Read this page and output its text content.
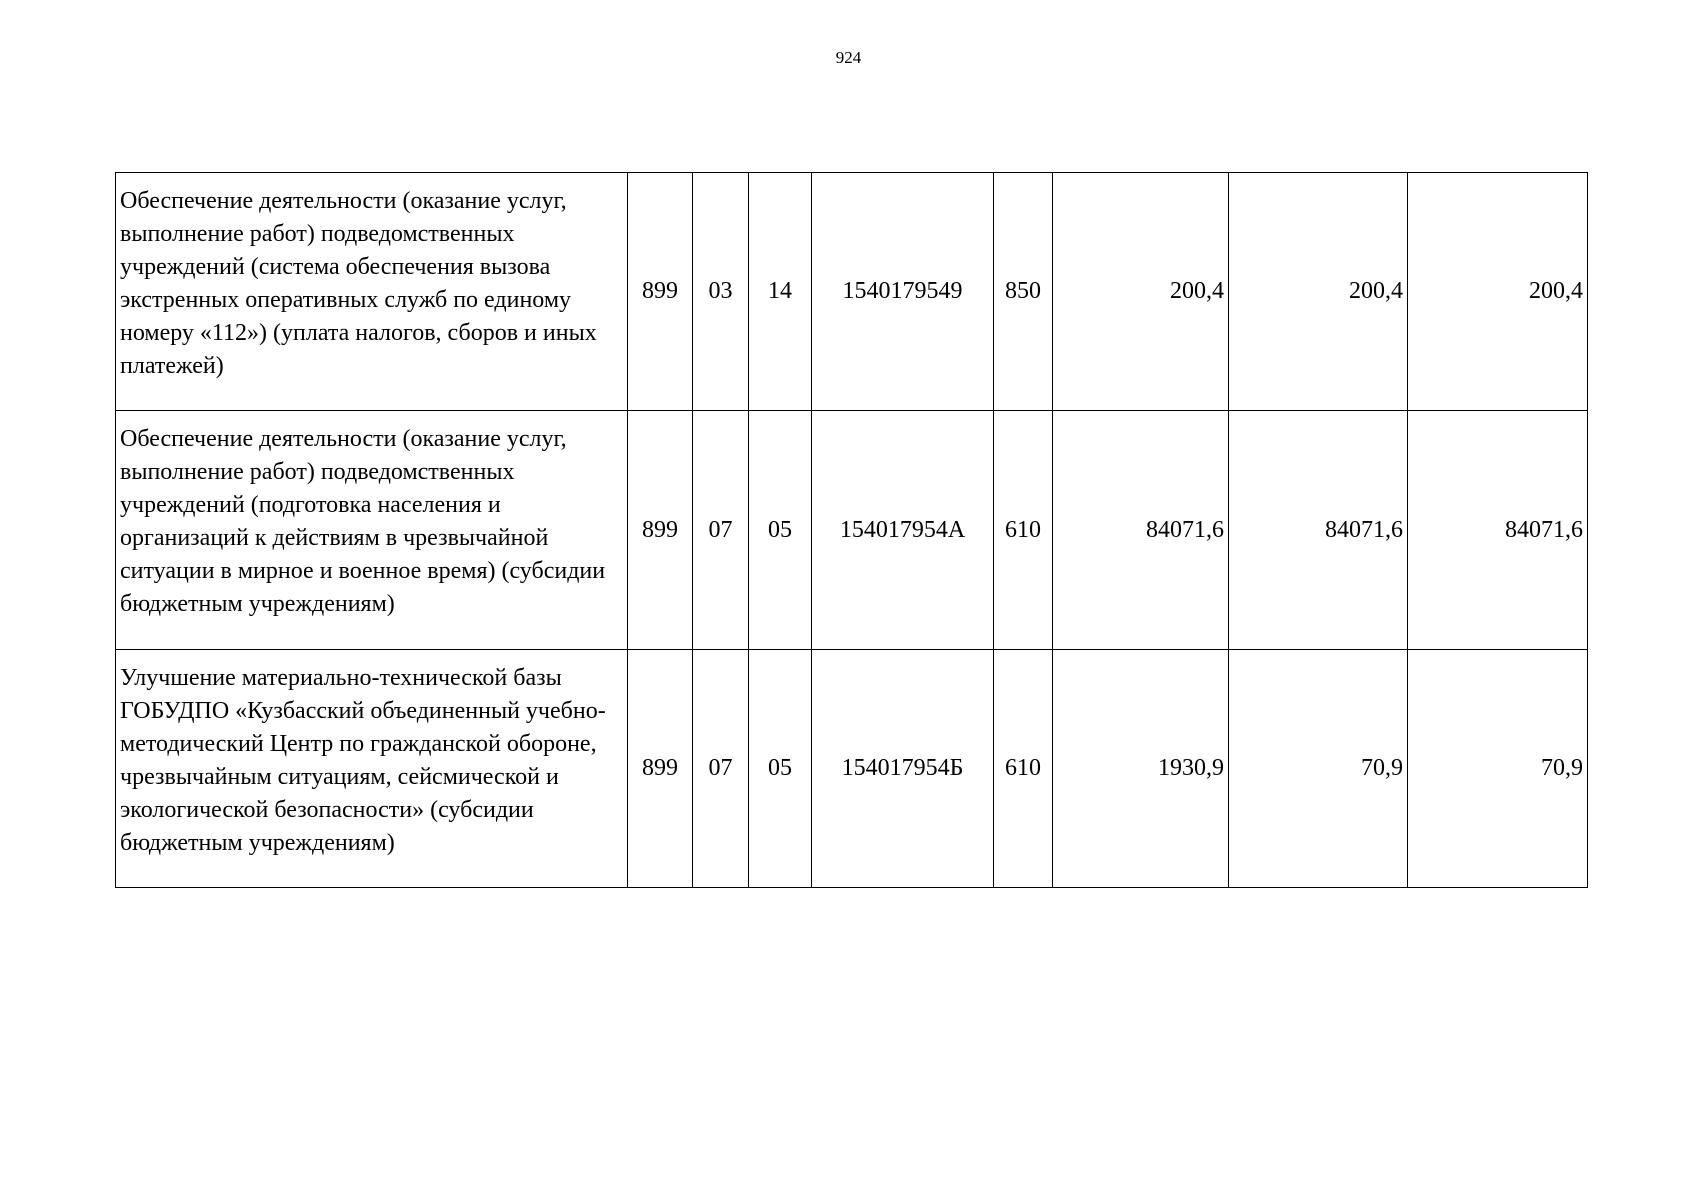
924
Обеспечение деятельности (оказание услуг, выполнение работ) подведомственных учреждений (система обеспечения вызова экстренных оперативных служб по единому номеру «112») (уплата налогов, сборов и иных платежей)	899	03	14	1540179549	850	200,4	200,4	200,4
Обеспечение деятельности (оказание услуг, выполнение работ) подведомственных учреждений (подготовка населения и организаций к действиям в чрезвычайной ситуации в мирное и военное время) (субсидии бюджетным учреждениям)	899	07	05	154017954А	610	84071,6	84071,6	84071,6
Улучшение материально-технической базы ГОБУДПО «Кузбасский объединенный учебно-методический Центр по гражданской обороне, чрезвычайным ситуациям, сейсмической и экологической безопасности» (субсидии бюджетным учреждениям)	899	07	05	154017954Б	610	1930,9	70,9	70,9
